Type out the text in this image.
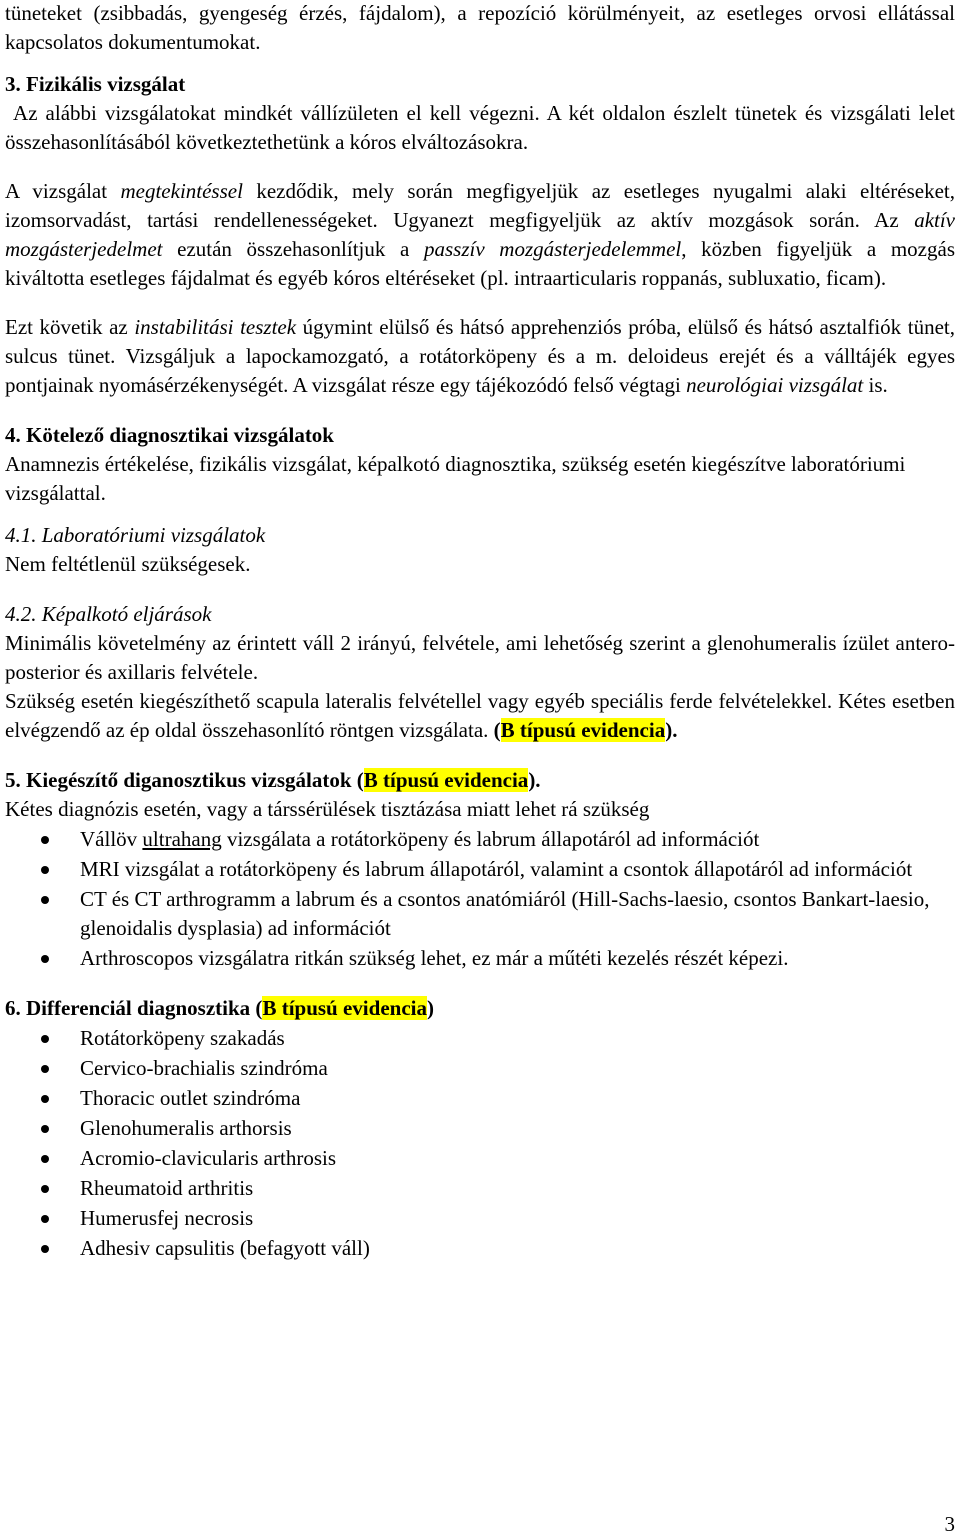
tüneteket (zsibbadás, gyengeség érzés, fájdalom), a repozíció körülményeit, az esetleges orvosi ellátással kapcsolatos dokumentumokat.

3. Fizikális vizsgálat

Az alábbi vizsgálatokat mindkét vállízületen el kell végezni. A két oldalon észlelt tünetek és vizsgálati lelet összehasonlításából következtethetünk a kóros elváltozásokra.

A vizsgálat megtekintéssel kezdődik, mely során megfigyeljük az esetleges nyugalmi alaki eltéréseket, izomsorvadást, tartási rendellenességeket. Ugyanezt megfigyeljük az aktív mozgások során. Az aktív mozgásterjedelmet ezután összehasonlítjuk a passzív mozgásterjedelemmel, közben figyeljük a mozgás kiváltotta esetleges fájdalmat és egyéb kóros eltéréseket (pl. intraarticularis roppanás, subluxatio, ficam).

Ezt követik az instabilitási tesztek úgymint elülső és hátsó apprehenziós próba, elülső és hátsó asztalfiók tünet, sulcus tünet. Vizsgáljuk a lapockamozgató, a rotátorköpeny és a m. deloideus erejét és a válltájék egyes pontjainak nyomásérzékenységét. A vizsgálat része egy tájékozódó felső végtagi neurológiai vizsgálat is.

4. Kötelező diagnosztikai vizsgálatok

Anamnezis értékelése, fizikális vizsgálat, képalkotó diagnosztika, szükség esetén kiegészítve laboratóriumi vizsgálattal.

4.1. Laboratóriumi vizsgálatok

Nem feltétlenül szükségesek.

4.2. Képalkotó eljárások

Minimális követelmény az érintett váll 2 irányú, felvétele, ami lehetőség szerint a glenohumeralis ízület antero-posterior és axillaris felvétele.

Szükség esetén kiegészíthető scapula lateralis felvétellel vagy egyéb speciális ferde felvételekkel. Kétes esetben elvégzendő az ép oldal összehasonlító röntgen vizsgálata. (B típusú evidencia).

5. Kiegészítő diganosztikus vizsgálatok (B típusú evidencia).

Kétes diagnózis esetén, vagy a társsérülések tisztázása miatt lehet rá szükség

Vállöv ultrahang vizsgálata a rotátorköpeny és labrum állapotáról ad információt
MRI vizsgálat a rotátorköpeny és labrum állapotáról, valamint a csontok állapotáról ad információt
CT és CT arthrogramm a labrum és a csontos anatómiáról (Hill-Sachs-laesio, csontos Bankart-laesio, glenoidalis dysplasia) ad információt
Arthroscopos vizsgálatra ritkán szükség lehet, ez már a műtéti kezelés részét képezi.

6. Differenciál diagnosztika (B típusú evidencia)

Rotátorköpeny szakadás
Cervico-brachialis szindróma
Thoracic outlet szindróma
Glenohumeralis arthorsis
Acromio-clavicularis arthrosis
Rheumatoid arthritis
Humerusfej necrosis
Adhesiv capsulitis (befagyott váll)
3
